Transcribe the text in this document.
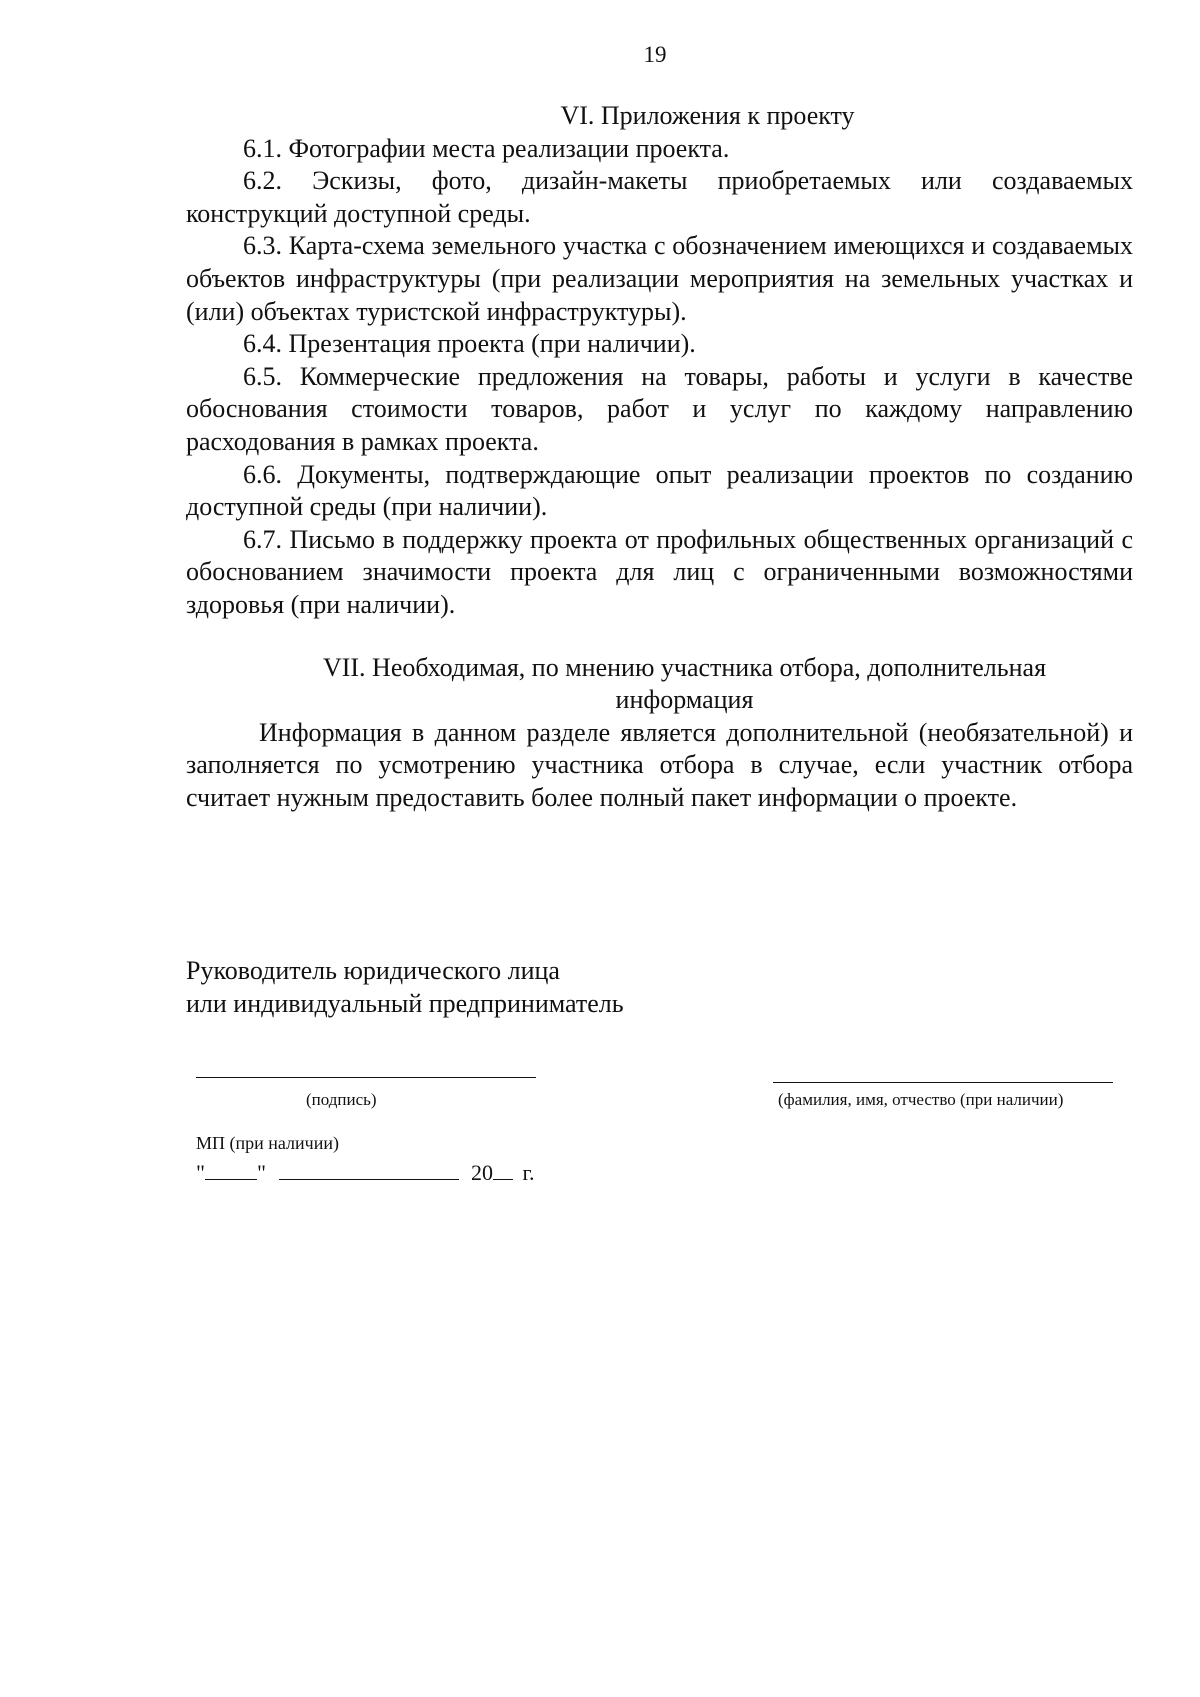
19

VI. Приложения к проекту

6.1. Фотографии места реализации проекта.

6.2. Эскизы, фото, дизайн-макеты приобретаемых или создаваемых конструкций доступной среды.

6.3. Карта-схема земельного участка с обозначением имеющихся и создаваемых объектов инфраструктуры (при реализации мероприятия на земельных участках и (или) объектах туристской инфраструктуры).

6.4. Презентация проекта (при наличии).

6.5. Коммерческие предложения на товары, работы и услуги в качестве обоснования стоимости товаров, работ и услуг по каждому направлению расходования в рамках проекта.

6.6. Документы, подтверждающие опыт реализации проектов по созданию доступной среды (при наличии).

6.7. Письмо в поддержку проекта от профильных общественных организаций с обоснованием значимости проекта для лиц с ограниченными возможностями здоровья (при наличии).

VII. Необходимая, по мнению участника отбора, дополнительная
информация

Информация в данном разделе является дополнительной (необязательной) и заполняется по усмотрению участника отбора в случае, если участник отбора считает нужным предоставить более полный пакет информации о проекте.

Руководитель юридического лица
или индивидуальный предприниматель
(подпись)	(фамилия, имя, отчество (при наличии)
МП (при наличии)
" "	20 г.
